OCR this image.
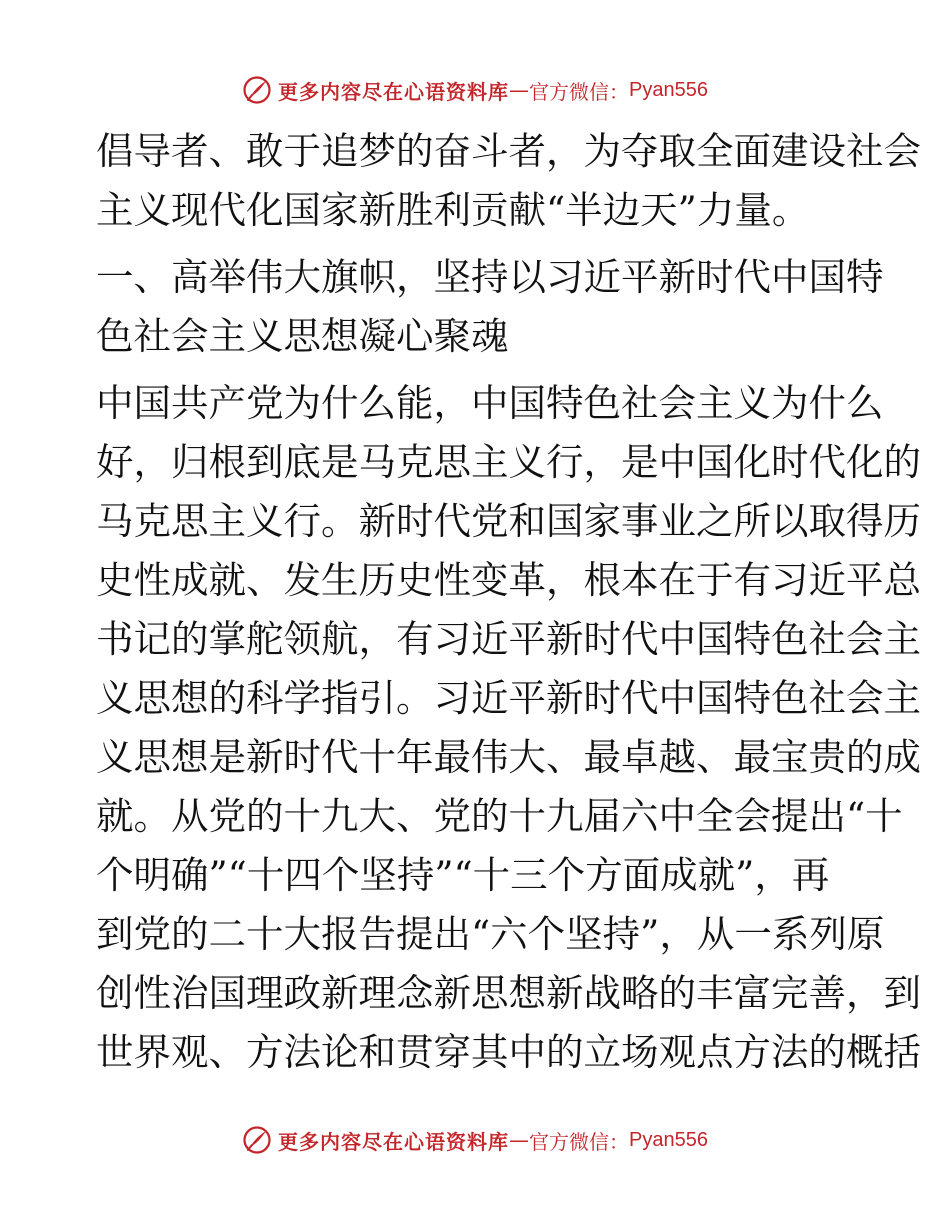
更多内容尽在心语资料库 — 官方微信： Pyan556
倡导者、敢于追梦的奋斗者，为夺取全面建设社会
主义现代化国家新胜利贡献“半边天”力量。
一、高举伟大旗帜，坚持以习近平新时代中国特
色社会主义思想凝心聚魂
中国共产党为什么能，中国特色社会主义为什么
好，归根到底是马克思主义行，是中国化时代化的
马克思主义行。新时代党和国家事业之所以取得历
史性成就、发生历史性变革，根本在于有习近平总
书记的掌舵领航，有习近平新时代中国特色社会主
义思想的科学指引。习近平新时代中国特色社会主
义思想是新时代十年最伟大、最卓越、最宝贵的成
就。从党的十九大、党的十九届六中全会提出“十
个明确”“十四个坚持”“十三个方面成就”，再
到党的二十大报告提出“六个坚持”，从一系列原
创性治国理政新理念新思想新战略的丰富完善，到
世界观、方法论和贯穿其中的立场观点方法的概括
更多内容尽在心语资料库 — 官方微信： Pyan556
